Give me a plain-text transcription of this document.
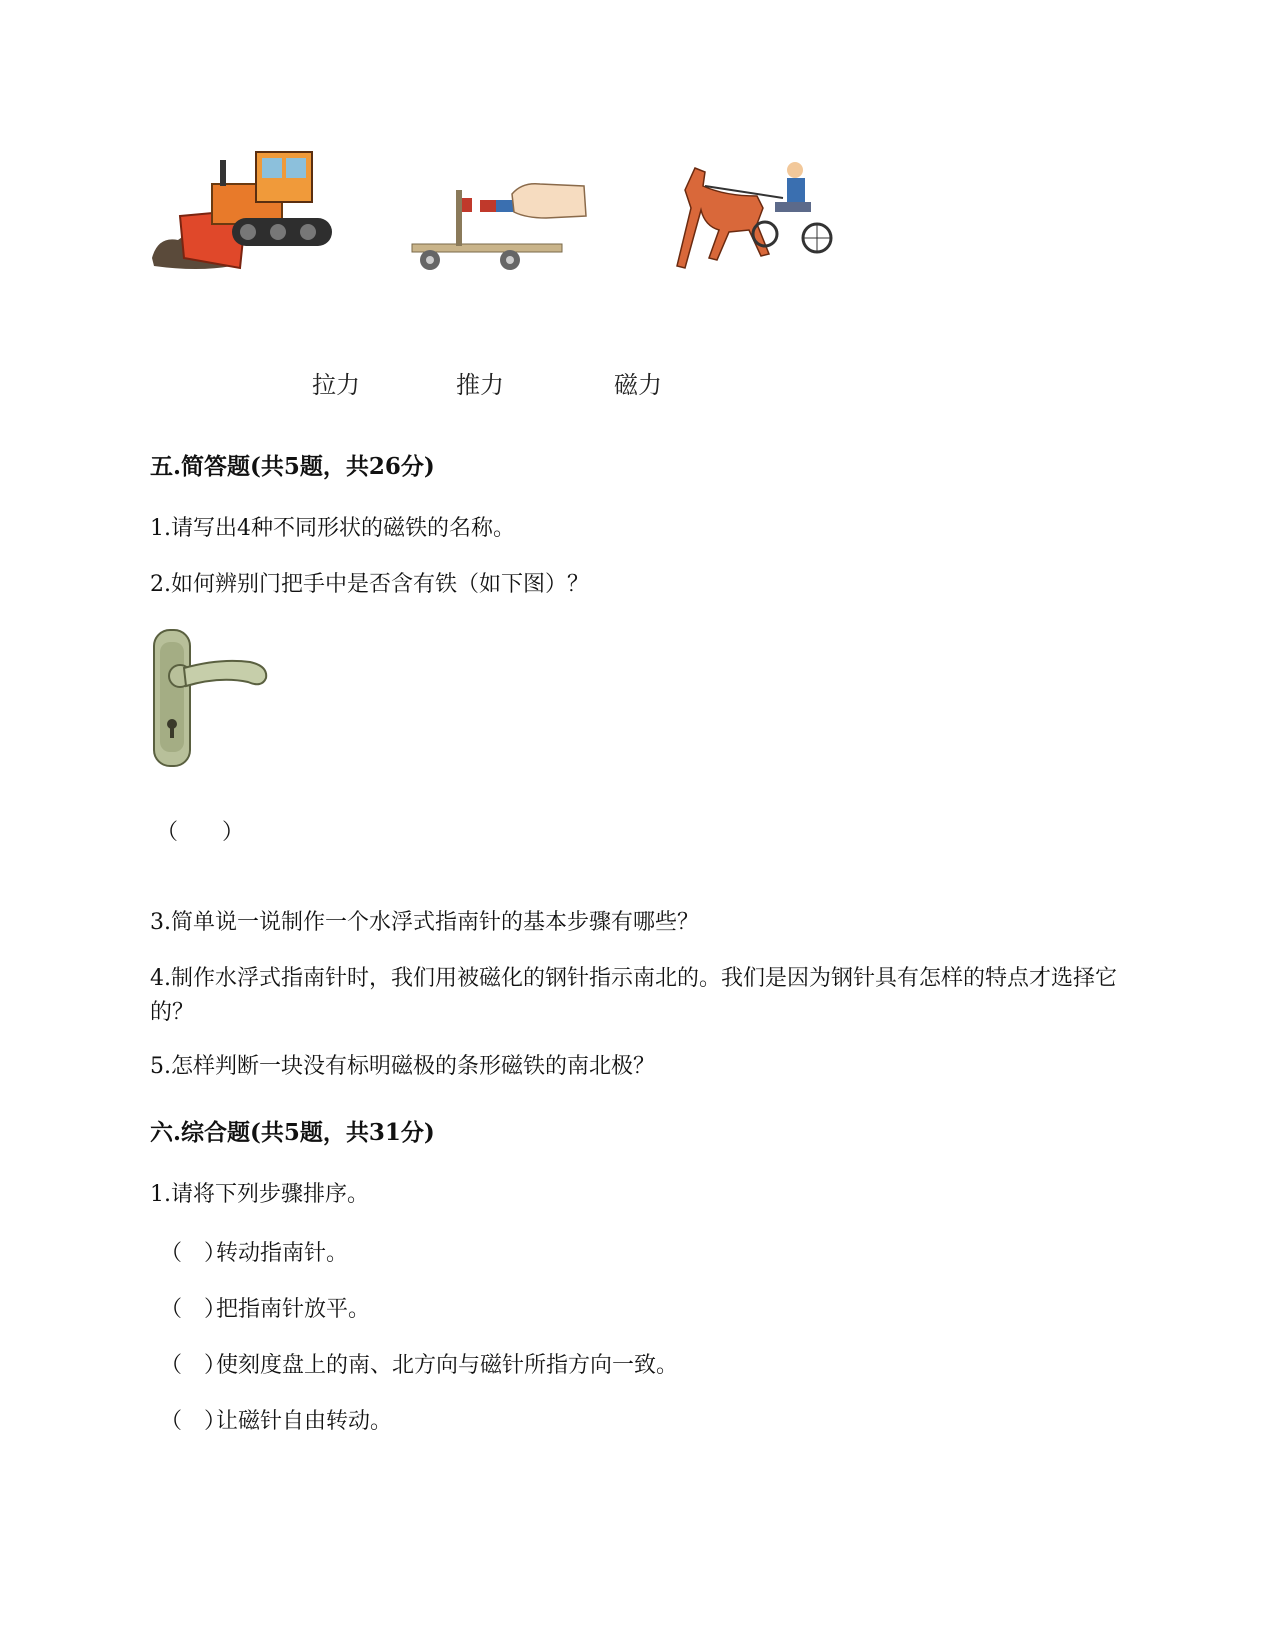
拉力	推力	磁力
五.简答题(共5题，共26分)
1.请写出4种不同形状的磁铁的名称。
2.如何辨别门把手中是否含有铁（如下图）？
（　　）
3.简单说一说制作一个水浮式指南针的基本步骤有哪些？
4.制作水浮式指南针时，我们用被磁化的钢针指示南北的。我们是因为钢针具有怎样的特点才选择它的？
5.怎样判断一块没有标明磁极的条形磁铁的南北极？
六.综合题(共5题，共31分)
1.请将下列步骤排序。
（　）转动指南针。
（　）把指南针放平。
（　）使刻度盘上的南、北方向与磁针所指方向一致。
（　）让磁针自由转动。
